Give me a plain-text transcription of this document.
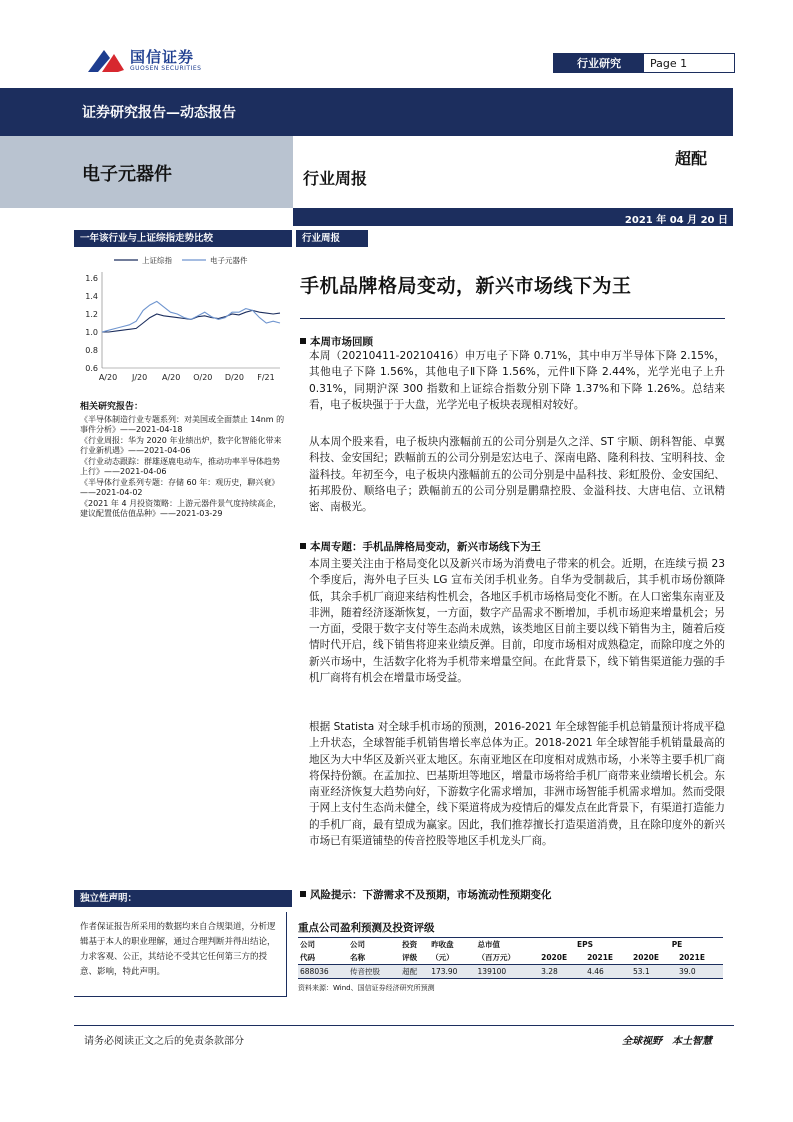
国信证券
GUOSEN SECURITIES	行业研究	Page 1
证券研究报告—动态报告
电子元器件	行业周报
超配
2021 年 04 月 20 日
一年该行业与上证综指走势比较
上证综指	电子元器件
0.6
0.8
1.0
1.2
1.4
1.6
A/20 J/20 A/20 O/20 D/20 F/21
相关研究报告：
《半导体制造行业专题系列：对美国或全面禁止 14nm 的事件分析》——2021-04-18
《行业周报：华为 2020 年业绩出炉，数字化智能化带来行业新机遇》——2021-04-06
《行业动态跟踪：群雄逐鹿电动车，推动功率半导体趋势上行》——2021-04-06
《半导体行业系列专题：存储 60 年：观历史，聊兴衰》——2021-04-02
《2021 年 4 月投资策略：上游元器件景气度持续高企，建议配置低估值品种》——2021-03-29
独立性声明：
作者保证报告所采用的数据均来自合规渠道，分析逻辑基于本人的职业理解，通过合理判断并得出结论，力求客观、公正，其结论不受其它任何第三方的授意、影响，特此声明。
行业周报
手机品牌格局变动，新兴市场线下为王
本周市场回顾
本周（20210411-20210416）申万电子下降 0.71%，其中申万半导体下降 2.15%，其他电子下降 1.56%，其他电子Ⅱ下降 1.56%，元件Ⅱ下降 2.44%，光学光电子上升 0.31%，同期沪深 300 指数和上证综合指数分别下降 1.37%和下降 1.26%。总结来看，电子板块强于于大盘，光学光电子板块表现相对较好。
从本周个股来看，电子板块内涨幅前五的公司分别是久之洋、ST 宇顺、朗科智能、卓翼科技、金安国纪；跌幅前五的公司分别是宏达电子、深南电路、隆利科技、宝明科技、金溢科技。年初至今，电子板块内涨幅前五的公司分别是中晶科技、彩虹股份、金安国纪、拓邦股份、顺络电子；跌幅前五的公司分别是鹏鼎控股、金溢科技、大唐电信、立讯精密、南极光。
本周专题：手机品牌格局变动，新兴市场线下为王
本周主要关注由于格局变化以及新兴市场为消费电子带来的机会。近期，在连续亏损 23 个季度后，海外电子巨头 LG 宣布关闭手机业务。自华为受制裁后，其手机市场份额降低，其余手机厂商迎来结构性机会，各地区手机市场格局变化不断。在人口密集东南亚及非洲，随着经济逐渐恢复，一方面，数字产品需求不断增加，手机市场迎来增量机会；另一方面，受限于数字支付等生态尚未成熟，该类地区目前主要以线下销售为主，随着后疫情时代开启，线下销售将迎来业绩反弹。目前，印度市场相对成熟稳定，而除印度之外的新兴市场中，生活数字化将为手机带来增量空间。在此背景下，线下销售渠道能力强的手机厂商将有机会在增量市场受益。
根据 Statista 对全球手机市场的预测，2016-2021 年全球智能手机总销量预计将成平稳上升状态，全球智能手机销售增长率总体为正。2018-2021 年全球智能手机销量最高的地区为大中华区及新兴亚太地区。东南亚地区在印度相对成熟市场，小米等主要手机厂商将保持份额。在孟加拉、巴基斯坦等地区，增量市场将给手机厂商带来业绩增长机会。东南亚经济恢复大趋势向好，下游数字化需求增加，非洲市场智能手机需求增加。然而受限于网上支付生态尚未健全，线下渠道将成为疫情后的爆发点在此背景下，有渠道打造能力的手机厂商，最有望成为赢家。因此，我们推荐擅长打造渠道消费，且在除印度外的新兴市场已有渠道铺垫的传音控股等地区手机龙头厂商。
风险提示：下游需求不及预期，市场流动性预期变化
重点公司盈利预测及投资评级
公司	公司	投资	昨收盘	总市值	EPS		PE	
代码	名称	评级	（元）	（百万元）	2020E	2021E	2020E	2021E
688036	传音控股	超配	173.90	139100	3.28	4.46	53.1	39.0
资料来源：Wind、国信证券经济研究所预测
请务必阅读正文之后的免责条款部分	全球视野　本土智慧
